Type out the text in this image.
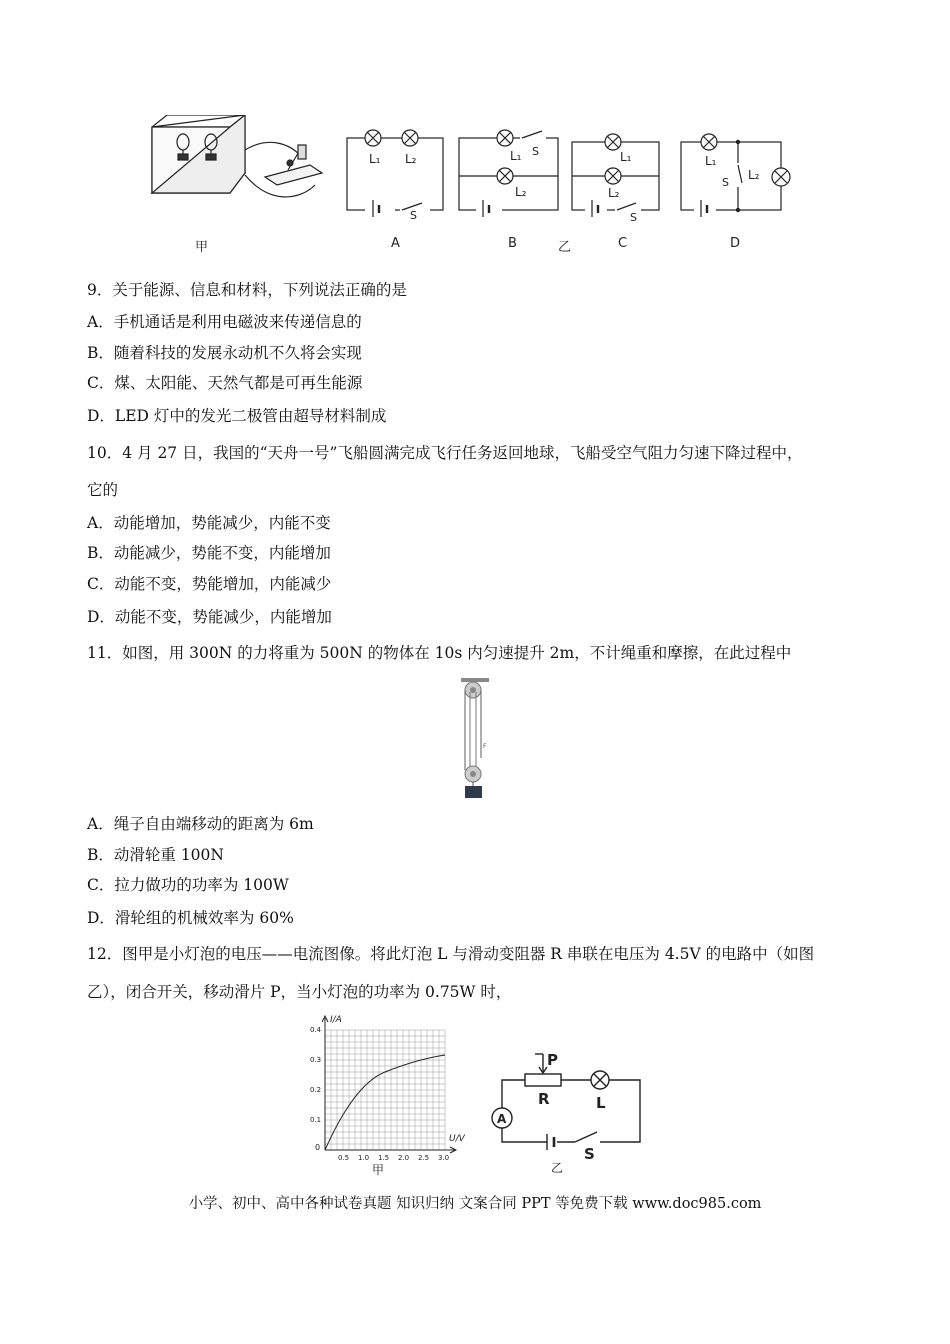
L₁ L₂
S
L₁ S
L₂
L₁
L₂
S
L₁
S
L₂
甲	A	B	乙	C	D
9．关于能源、信息和材料，下列说法正确的是
A．手机通话是利用电磁波来传递信息的
B．随着科技的发展永动机不久将会实现
C．煤、太阳能、天然气都是可再生能源
D．LED 灯中的发光二极管由超导材料制成
10．4 月 27 日，我国的“天舟一号”飞船圆满完成飞行任务返回地球，飞船受空气阻力匀速下降过程中，
它的
A．动能增加，势能减少，内能不变
B．动能减少，势能不变，内能增加
C．动能不变，势能增加，内能减少
D．动能不变，势能减少，内能增加
11．如图，用 300N 的力将重为 500N 的物体在 10s 内匀速提升 2m，不计绳重和摩擦，在此过程中
F
A．绳子自由端移动的距离为 6m
B．动滑轮重 100N
C．拉力做功的功率为 100W
D．滑轮组的机械效率为 60%
12．图甲是小灯泡的电压——电流图像。将此灯泡 L 与滑动变阻器 R 串联在电压为 4.5V 的电路中（如图
乙），闭合开关，移动滑片 P，当小灯泡的功率为 0.75W 时，
I/A
U/V
0.4
0.3
0.2
0.1
0
0.5 1.0 1.5 2.0 2.5 3.0
甲
P
R	L
A
S
乙
小学、初中、高中各种试卷真题 知识归纳 文案合同 PPT 等免费下载 www.doc985.com
